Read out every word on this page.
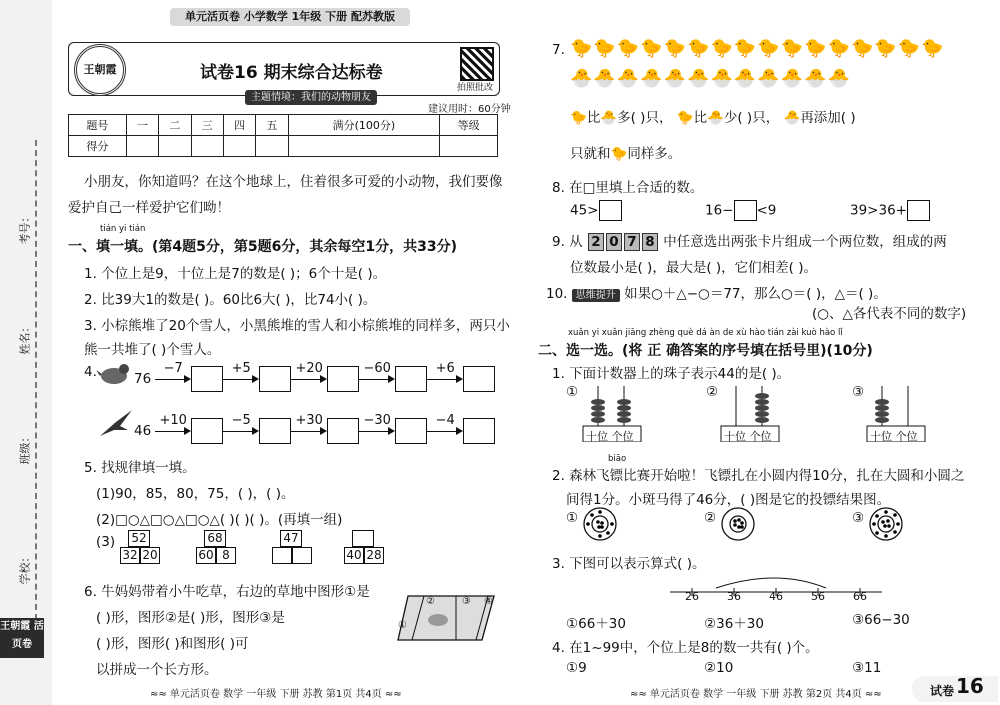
考号：
姓名：
班级：
学校：
王朝霞 活页卷
单元活页卷 小学数学 1年级 下册 配苏教版
王朝霞	试卷16 期末综合达标卷
拍照批改
主题情境：我们的动物朋友
建议用时：60分钟
题号	一	二	三	四	五	满分(100分)	等级
得分							
小朋友，你知道吗？在这个地球上，住着很多可爱的小动物，我们要像
爱护自己一样爱护它们呦！
tián yi tián
一、填一填。(第4题5分，第5题6分，其余每空1分，共33分)
1. 个位上是9，十位上是7的数是( )；6个十是( )。
2. 比39大1的数是( )。60比6大( )，比74小( )。
3. 小棕熊堆了20个雪人，小黑熊堆的雪人和小棕熊堆的同样多，两只小
熊一共堆了( )个雪人。
4.	76
−7	+5	+20	−60	+6
46
+10	−5	+30	−30	−4
5. 找规律填一填。
(1)90，85，80，75，( )，( )。
(2)□○△□○△□○△( )( )( )。(再填一组)
(3) 52
32 20
68
60 8
47
40 28
6. 牛妈妈带着小牛吃草，右边的草地中图形①是
( )形，图形②是( )形，图形③是
( )形，图形( )和图形( )可
以拼成一个长方形。
①
②	③ ④
≈≈ 单元活页卷 数学 一年级 下册 苏教 第1页 共4页 ≈≈
7. 🐤🐤🐤🐤🐤🐤🐤🐤🐤🐤🐤🐤🐤🐤🐤🐤
🐣🐣🐣🐣🐣🐣🐣🐣🐣🐣🐣🐣
🐤比🐣多( )只， 🐤比🐣少( )只， 🐣再添加( )
只就和🐤同样多。
8. 在□里填上合适的数。
45>	16− <9	39>36+
9. 从 2 0 7 8 中任意选出两张卡片组成一个两位数，组成的两
位数最小是( )，最大是( )，它们相差( )。
10. 思维提升 如果○＋△−○＝77，那么○＝( )，△＝( )。
(○、△各代表不同的数字)
xuǎn yi xuǎn jiāng zhèng què dá àn de xù hào tián zài kuò hào lǐ
二、选一选。(将 正 确答案的序号填在括号里)(10分)
1. 下面计数器上的珠子表示44的是( )。
①
十位 个位
②
十位 个位
③
十位 个位
biāo
2. 森林飞镖比赛开始啦！飞镖扎在小圆内得10分，扎在大圆和小圆之
间得1分。小斑马得了46分，( )图是它的投镖结果图。
①	②	③
3. 下图可以表示算式( )。
26	36	46	56	66
①66＋30	②36＋30	③66−30
4. 在1~99中，个位上是8的数一共有( )个。
①9	②10	③11
≈≈ 单元活页卷 数学 一年级 下册 苏教 第2页 共4页 ≈≈	试卷 16
